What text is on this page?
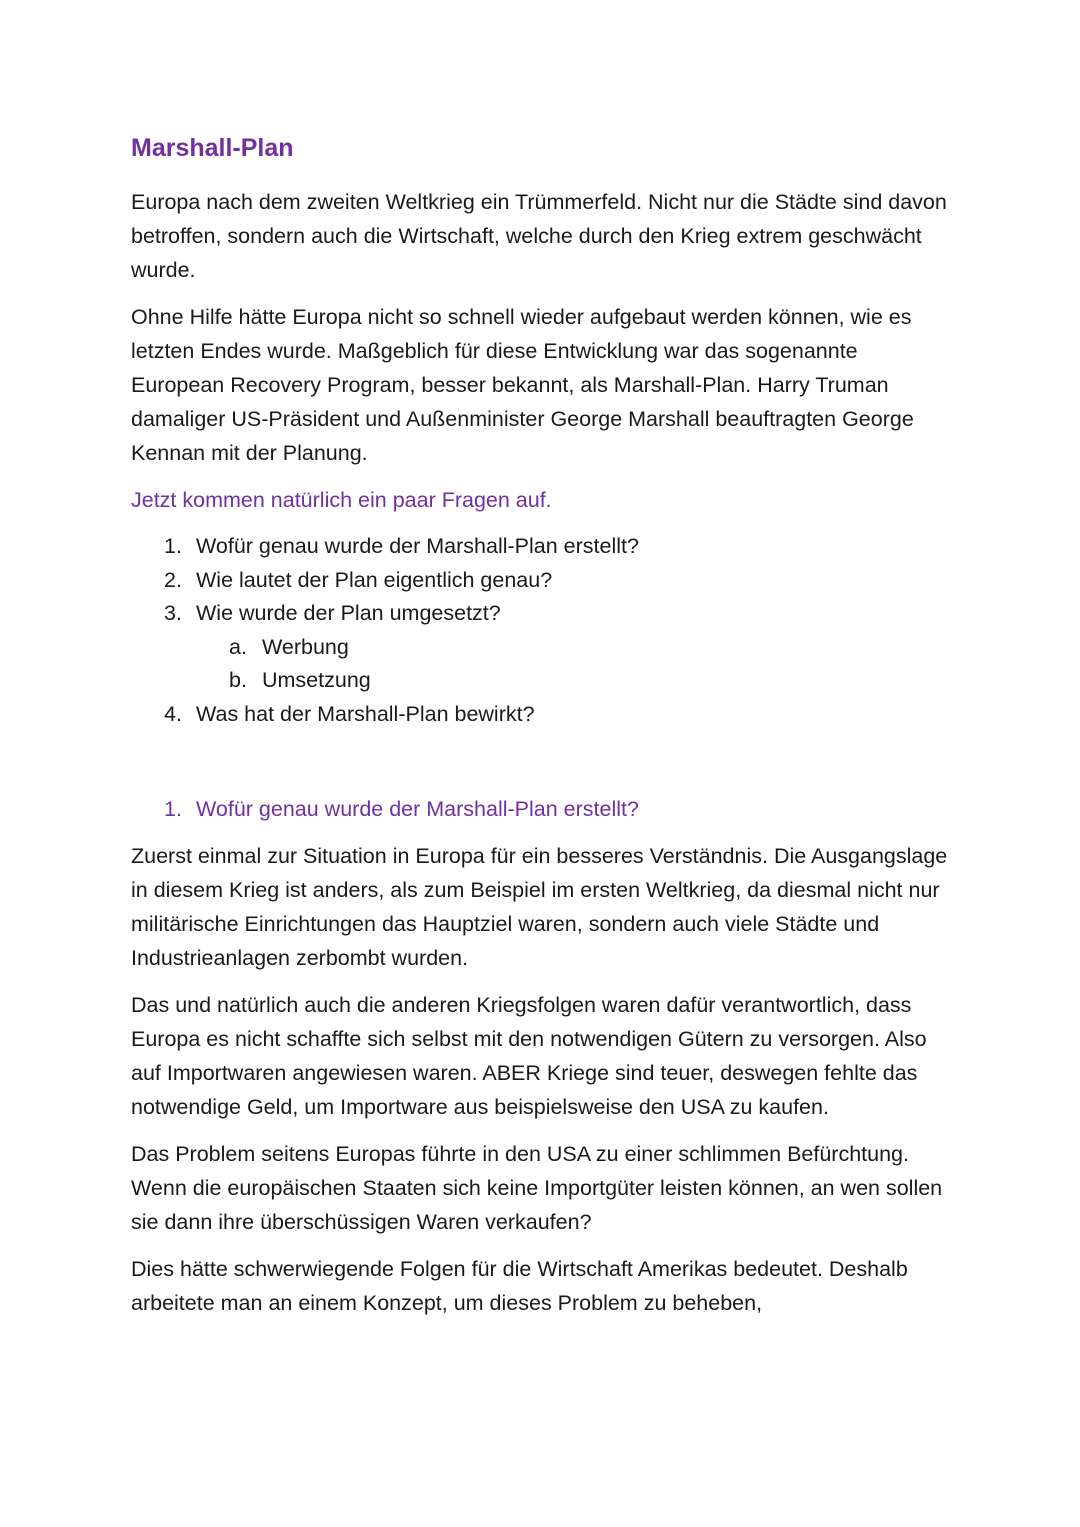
Marshall-Plan

Europa nach dem zweiten Weltkrieg ein Trümmerfeld. Nicht nur die Städte sind davon betroffen, sondern auch die Wirtschaft, welche durch den Krieg extrem geschwächt wurde.

Ohne Hilfe hätte Europa nicht so schnell wieder aufgebaut werden können, wie es letzten Endes wurde. Maßgeblich für diese Entwicklung war das sogenannte European Recovery Program, besser bekannt, als Marshall-Plan. Harry Truman damaliger US-Präsident und Außenminister George Marshall beauftragten George Kennan mit der Planung.

Jetzt kommen natürlich ein paar Fragen auf.

1. Wofür genau wurde der Marshall-Plan erstellt?
2. Wie lautet der Plan eigentlich genau?
3. Wie wurde der Plan umgesetzt?
a. Werbung
b. Umsetzung
4. Was hat der Marshall-Plan bewirkt?

1. Wofür genau wurde der Marshall-Plan erstellt?

Zuerst einmal zur Situation in Europa für ein besseres Verständnis. Die Ausgangslage in diesem Krieg ist anders, als zum Beispiel im ersten Weltkrieg, da diesmal nicht nur militärische Einrichtungen das Hauptziel waren, sondern auch viele Städte und Industrieanlagen zerbombt wurden.

Das und natürlich auch die anderen Kriegsfolgen waren dafür verantwortlich, dass Europa es nicht schaffte sich selbst mit den notwendigen Gütern zu versorgen. Also auf Importwaren angewiesen waren. ABER Kriege sind teuer, deswegen fehlte das notwendige Geld, um Importware aus beispielsweise den USA zu kaufen.

Das Problem seitens Europas führte in den USA zu einer schlimmen Befürchtung. Wenn die europäischen Staaten sich keine Importgüter leisten können, an wen sollen sie dann ihre überschüssigen Waren verkaufen?

Dies hätte schwerwiegende Folgen für die Wirtschaft Amerikas bedeutet. Deshalb arbeitete man an einem Konzept, um dieses Problem zu beheben,
